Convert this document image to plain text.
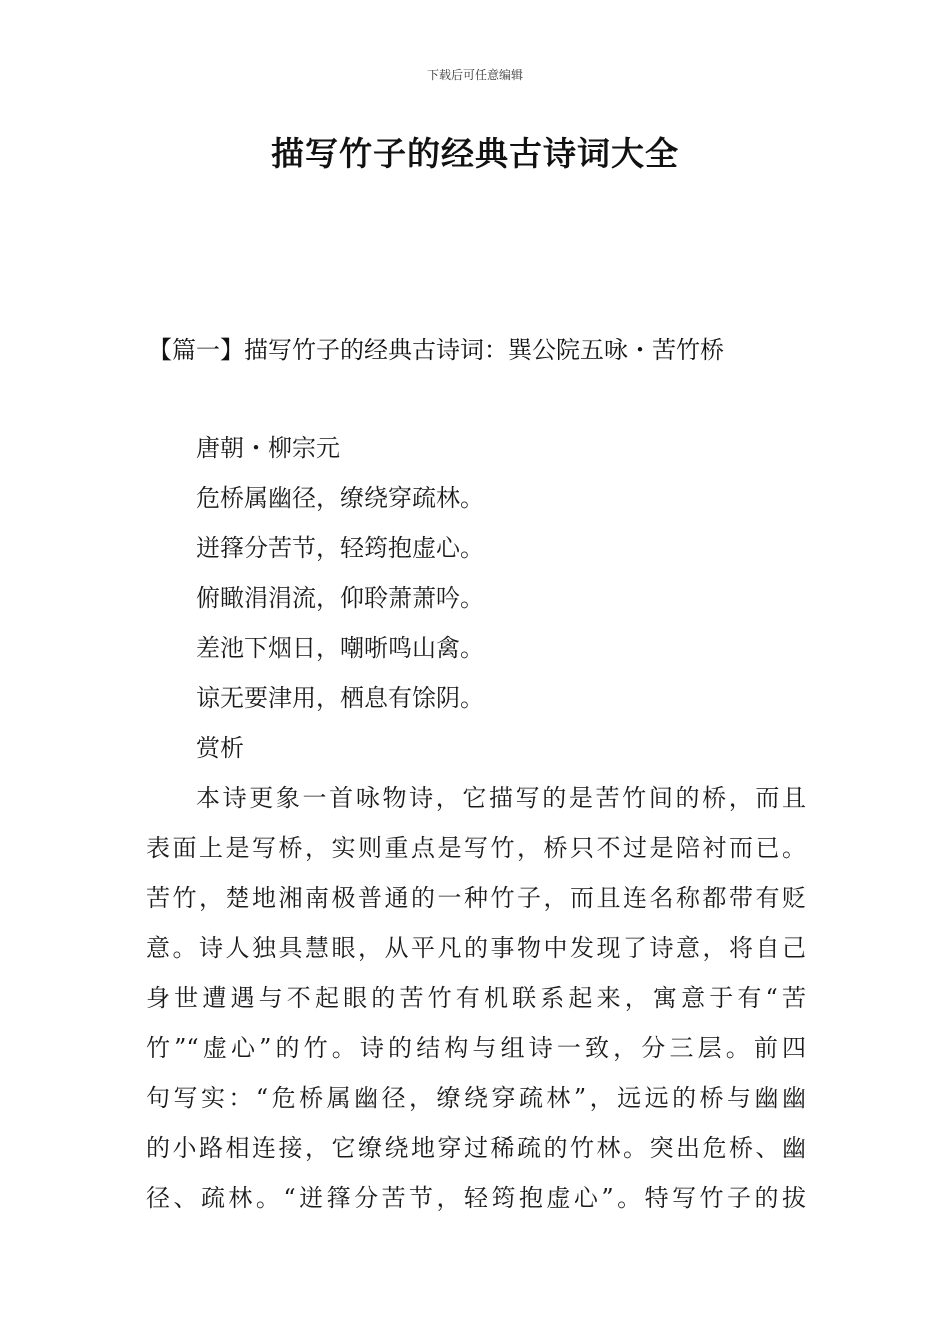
下载后可任意编辑
描写竹子的经典古诗词大全
【篇一】描写竹子的经典古诗词：巽公院五咏・苦竹桥
唐朝・柳宗元
危桥属幽径，缭绕穿疏林。
迸箨分苦节，轻筠抱虚心。
俯瞰涓涓流，仰聆萧萧吟。
差池下烟日，嘲哳鸣山禽。
谅无要津用，栖息有馀阴。
赏析
本诗更象一首咏物诗，它描写的是苦竹间的桥，而且
表面上是写桥，实则重点是写竹，桥只不过是陪衬而已。
苦竹，楚地湘南极普通的一种竹子，而且连名称都带有贬
意。诗人独具慧眼，从平凡的事物中发现了诗意，将自己
身世遭遇与不起眼的苦竹有机联系起来，寓意于有“苦
竹”“虚心”的竹。诗的结构与组诗一致，分三层。前四
句写实：“危桥属幽径，缭绕穿疏林”，远远的桥与幽幽
的小路相连接，它缭绕地穿过稀疏的竹林。突出危桥、幽
径、疏林。“迸箨分苦节，轻筠抱虚心”。特写竹子的拔
